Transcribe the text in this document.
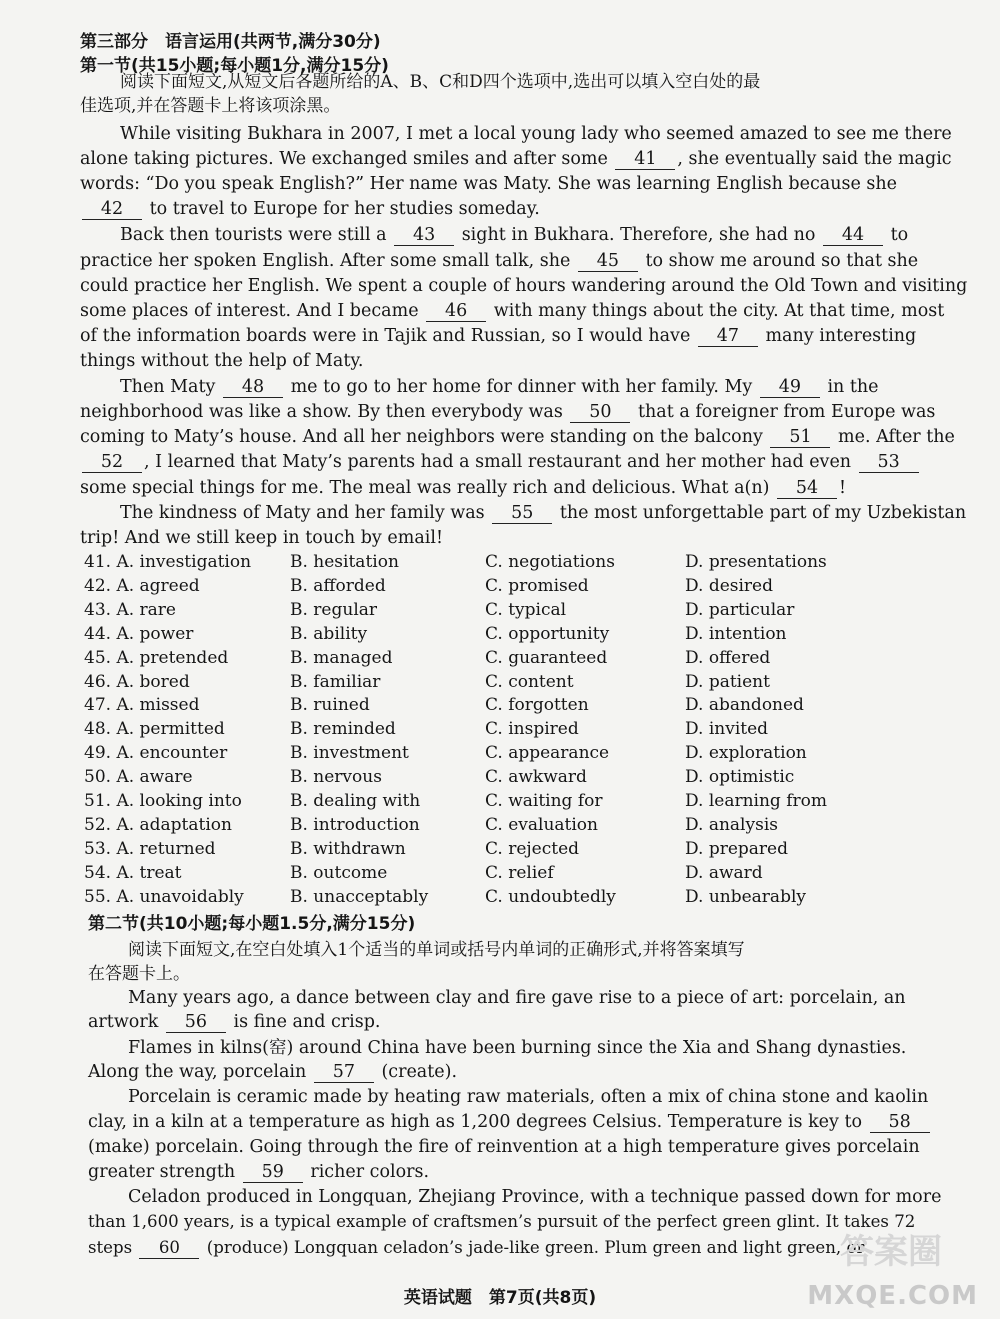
第三部分　语言运用(共两节,满分30分)
第一节(共15小题;每小题1分,满分15分)
阅读下面短文,从短文后各题所给的A、B、C和D四个选项中,选出可以填入空白处的最
佳选项,并在答题卡上将该项涂黑。
While visiting Bukhara in 2007, I met a local young lady who seemed amazed to see me there
alone taking pictures. We exchanged smiles and after some 41 , she eventually said the magic
words: “Do you speak English?” Her name was Maty. She was learning English because she
42 to travel to Europe for her studies someday.
Back then tourists were still a 43 sight in Bukhara. Therefore, she had no 44 to
practice her spoken English. After some small talk, she 45 to show me around so that she
could practice her English. We spent a couple of hours wandering around the Old Town and visiting
some places of interest. And I became 46 with many things about the city. At that time, most
of the information boards were in Tajik and Russian, so I would have 47 many interesting
things without the help of Maty.
Then Maty 48 me to go to her home for dinner with her family. My 49 in the
neighborhood was like a show. By then everybody was 50 that a foreigner from Europe was
coming to Maty’s house. And all her neighbors were standing on the balcony 51 me. After the
52 , I learned that Maty’s parents had a small restaurant and her mother had even 53
some special things for me. The meal was really rich and delicious. What a(n) 54 !
The kindness of Maty and her family was 55 the most unforgettable part of my Uzbekistan
trip! And we still keep in touch by email!
41. A. investigation B. hesitation	C. negotiations	D. presentations
42. A. agreed	B. afforded	C. promised	D. desired
43. A. rare	B. regular	C. typical	D. particular
44. A. power	B. ability	C. opportunity	D. intention
45. A. pretended	B. managed	C. guaranteed	D. offered
46. A. bored	B. familiar	C. content	D. patient
47. A. missed	B. ruined	C. forgotten	D. abandoned
48. A. permitted	B. reminded	C. inspired	D. invited
49. A. encounter	B. investment	C. appearance	D. exploration
50. A. aware	B. nervous	C. awkward	D. optimistic
51. A. looking into	B. dealing with	C. waiting for	D. learning from
52. A. adaptation	B. introduction	C. evaluation	D. analysis
53. A. returned	B. withdrawn	C. rejected	D. prepared
54. A. treat	B. outcome	C. relief	D. award
55. A. unavoidably	B. unacceptably	C. undoubtedly	D. unbearably
第二节(共10小题;每小题1.5分,满分15分)
阅读下面短文,在空白处填入1个适当的单词或括号内单词的正确形式,并将答案填写
在答题卡上。
Many years ago, a dance between clay and fire gave rise to a piece of art: porcelain, an
artwork 56 is fine and crisp.
Flames in kilns(窑) around China have been burning since the Xia and Shang dynasties.
Along the way, porcelain 57 (create).
Porcelain is ceramic made by heating raw materials, often a mix of china stone and kaolin
clay, in a kiln at a temperature as high as 1,200 degrees Celsius. Temperature is key to 58
(make) porcelain. Going through the fire of reinvention at a high temperature gives porcelain
greater strength 59 richer colors.
Celadon produced in Longquan, Zhejiang Province, with a technique passed down for more
than 1,600 years, is a typical example of craftsmen’s pursuit of the perfect green glint. It takes 72
steps 60 (produce) Longquan celadon’s jade-like green. Plum green and light green, or
英语试题　第7页(共8页)
答案圈
MXQE.COM
